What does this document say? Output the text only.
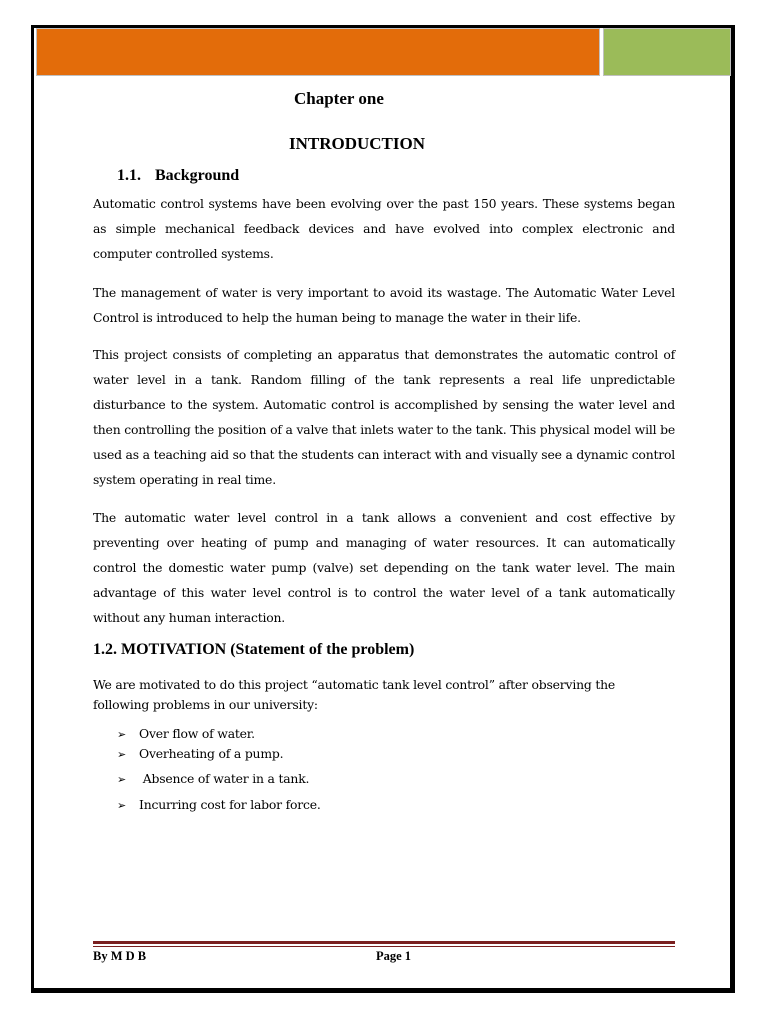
Chapter one
INTRODUCTION
1.1. Background

Automatic control systems have been evolving over the past 150 years. These systems began as simple mechanical feedback devices and have evolved into complex electronic and computer controlled systems.

The management of water is very important to avoid its wastage. The Automatic Water Level Control is introduced to help the human being to manage the water in their life.

This project consists of completing an apparatus that demonstrates the automatic control of water level in a tank. Random filling of the tank represents a real life unpredictable disturbance to the system. Automatic control is accomplished by sensing the water level and then controlling the position of a valve that inlets water to the tank. This physical model will be used as a teaching aid so that the students can interact with and visually see a dynamic control system operating in real time.

The automatic water level control in a tank allows a convenient and cost effective by preventing over heating of pump and managing of water resources. It can automatically control the domestic water pump (valve) set depending on the tank water level. The main advantage of this water level control is to control the water level of a tank automatically without any human interaction.

1.2. MOTIVATION (Statement of the problem)

We are motivated to do this project “automatic tank level control” after observing the following problems in our university:

➢ Over flow of water.
➢ Overheating of a pump.
➢ Absence of water in a tank.
➢ Incurring cost for labor force.

By M D B	Page 1
